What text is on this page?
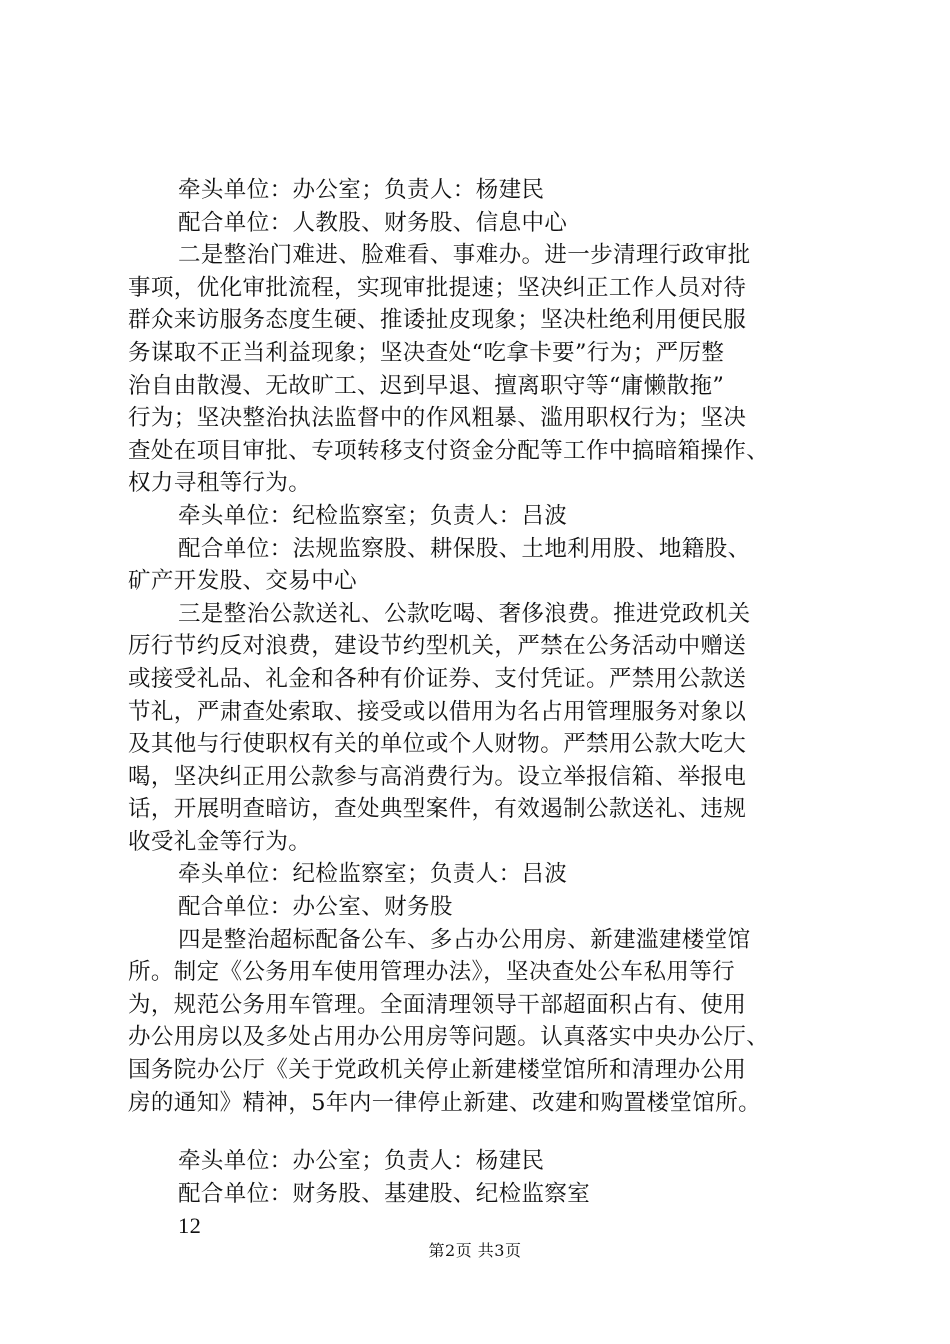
牵头单位：办公室；负责人：杨建民
配合单位：人教股、财务股、信息中心
二是整治门难进、脸难看、事难办。进一步清理行政审批
事项，优化审批流程，实现审批提速；坚决纠正工作人员对待
群众来访服务态度生硬、推诿扯皮现象；坚决杜绝利用便民服
务谋取不正当利益现象；坚决查处“吃拿卡要”行为；严厉整
治自由散漫、无故旷工、迟到早退、擅离职守等“庸懒散拖”
行为；坚决整治执法监督中的作风粗暴、滥用职权行为；坚决
查处在项目审批、专项转移支付资金分配等工作中搞暗箱操作、
权力寻租等行为。
牵头单位：纪检监察室；负责人：吕波
配合单位：法规监察股、耕保股、土地利用股、地籍股、
矿产开发股、交易中心
三是整治公款送礼、公款吃喝、奢侈浪费。推进党政机关
厉行节约反对浪费，建设节约型机关，严禁在公务活动中赠送
或接受礼品、礼金和各种有价证券、支付凭证。严禁用公款送
节礼，严肃查处索取、接受或以借用为名占用管理服务对象以
及其他与行使职权有关的单位或个人财物。严禁用公款大吃大
喝，坚决纠正用公款参与高消费行为。设立举报信箱、举报电
话，开展明查暗访，查处典型案件，有效遏制公款送礼、违规
收受礼金等行为。
牵头单位：纪检监察室；负责人：吕波
配合单位：办公室、财务股
四是整治超标配备公车、多占办公用房、新建滥建楼堂馆
所。制定《公务用车使用管理办法》，坚决查处公车私用等行
为，规范公务用车管理。全面清理领导干部超面积占有、使用
办公用房以及多处占用办公用房等问题。认真落实中央办公厅、
国务院办公厅《关于党政机关停止新建楼堂馆所和清理办公用
房的通知》精神，5年内一律停止新建、改建和购置楼堂馆所。
牵头单位：办公室；负责人：杨建民
配合单位：财务股、基建股、纪检监察室
12
第2页 共3页
